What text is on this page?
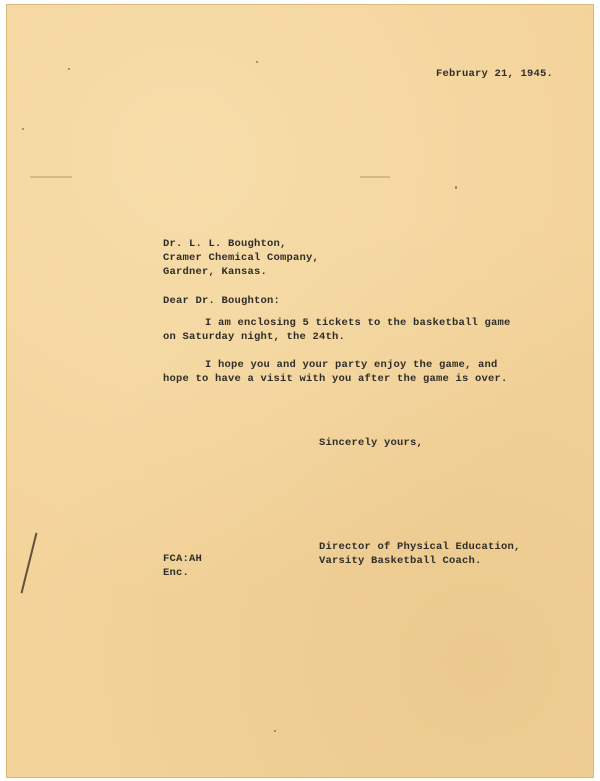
February 21, 1945.
Dr. L. L. Boughton,
Cramer Chemical Company,
Gardner, Kansas.
Dear Dr. Boughton:
I am enclosing 5 tickets to the basketball game
on Saturday night, the 24th.
I hope you and your party enjoy the game, and
hope to have a visit with you after the game is over.
Sincerely yours,
Director of Physical Education,
Varsity Basketball Coach.
FCA:AH
Enc.
